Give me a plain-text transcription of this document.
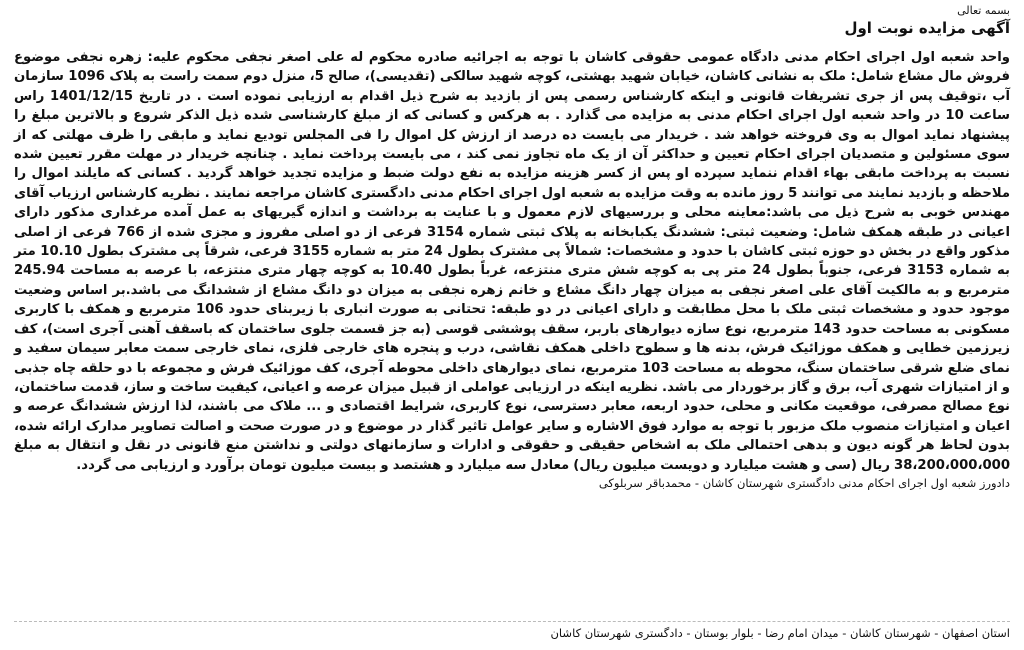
بسمه تعالی
آگهی مزایده نوبت اول

واحد شعبه اول اجرای احکام مدنی دادگاه عمومی حقوقی کاشان با توجه به اجرائیه صادره محکوم له علی اصغر نجفی محکوم علیه: زهره نجفی موضوع فروش مال مشاع شامل: ملک به نشانی کاشان، خیابان شهید بهشتی، کوچه شهید سالکی (تقدیسی)، صالح 5، منزل دوم سمت راست به پلاک 1096 سازمان آب ،توقیف پس از جری تشریفات قانونی و اینکه کارشناس رسمی پس از بازدید به شرح ذیل اقدام به ارزیابی نموده است . در تاریخ 1401/12/15 راس ساعت 10 در واحد شعبه اول اجرای احکام مدنی به مزایده می گذارد . به هرکس و کسانی که از مبلغ کارشناسی شده ذیل الذکر شروع و بالاترین مبلغ را پیشنهاد نماید اموال به وی فروخته خواهد شد . خریدار می بایست ده درصد از ارزش کل اموال را فی المجلس تودیع نماید و مابقی را ظرف مهلتی که از سوی مسئولین و متصدیان اجرای احکام تعیین و حداکثر آن از یک ماه تجاوز نمی کند ، می بایست پرداخت نماید . چنانچه خریدار در مهلت مقرر تعیین شده نسبت به پرداخت مابقی بهاء اقدام ننماید سپرده او پس از کسر هزینه مزایده به نفع دولت ضبط و مزایده تجدید خواهد گردید . کسانی که مایلند اموال را ملاحظه و بازدید نمایند می توانند 5 روز مانده به وقت مزایده به شعبه اول اجرای احکام مدنی دادگستری کاشان مراجعه نمایند . نظریه کارشناس ارزیاب آقای مهندس خوبی به شرح ذیل می باشد:معاینه محلی و بررسیهای لازم معمول و با عنایت به برداشت و اندازه گیریهای به عمل آمده مرغداری مذکور دارای اعیانی در طبقه همکف شامل: وضعیت ثبتی: ششدنگ یکبابخانه به پلاک ثبتی شماره 3154 فرعی از دو اصلی مفروز و مجزی شده از 766 فرعی از اصلی مذکور واقع در بخش دو حوزه ثبتی کاشان با حدود و مشخصات: شمالاً پی مشترک بطول 24 متر به شماره 3155 فرعی، شرقاً پی مشترک بطول 10.10 متر به شماره 3153 فرعی، جنوباً بطول 24 متر پی به کوچه شش متری منتزعه، غرباً بطول 10.40 به کوچه چهار متری منتزعه، با عرصه به مساحت 245.94 مترمربع و به مالکیت آقای علی اصغر نجفی به میزان چهار دانگ مشاع و خانم زهره نجفی به میزان دو دانگ مشاع از ششدانگ می باشد.بر اساس وضعیت موجود حدود و مشخصات ثبتی ملک با محل مطابقت و دارای اعیانی در دو طبقه: تحتانی به صورت انباری با زیربنای حدود 106 مترمربع و همکف با کاربری مسکونی به مساحت حدود 143 مترمربع، نوع سازه دیوارهای باربر، سقف پوششی قوسی (به جز قسمت جلوی ساختمان که باسقف آهنی آجری است)، کف زیرزمین خطایی و همکف موزائیک فرش، بدنه ها و سطوح داخلی همکف نقاشی، درب و پنجره های خارجی فلزی، نمای خارجی سمت معابر سیمان سفید و نمای ضلع شرقی ساختمان سنگ، محوطه به مساحت 103 مترمربع، نمای دیوارهای داخلی محوطه آجری، کف موزائیک فرش و مجموعه با دو حلقه چاه جذبی و از امتیازات شهری آب، برق و گاز برخوردار می باشد. نظریه اینکه در ارزیابی عواملی از قبیل میزان عرصه و اعیانی، کیفیت ساخت و ساز، قدمت ساختمان، نوع مصالح مصرفی، موقعیت مکانی و محلی، حدود اربعه، معابر دسترسی، نوع کاربری، شرایط اقتصادی و ... ملاک می باشند، لذا ارزش ششدانگ عرصه و اعیان و امتیازات منصوب ملک مزبور با توجه به موارد فوق الاشاره و سایر عوامل تاثیر گذار در موضوع و در صورت صحت و اصالت تصاویر مدارک ارائه شده، بدون لحاظ هر گونه دیون و بدهی احتمالی ملک به اشخاص حقیقی و حقوقی و ادارات و سازمانهای دولتی و نداشتن منع قانونی در نقل و انتقال به مبلغ 38،200،000،000 ریال (سی و هشت میلیارد و دویست میلیون ریال) معادل سه میلیارد و هشتصد و بیست میلیون تومان برآورد و ارزیابی می گردد.

دادورز شعبه اول اجرای احکام مدنی دادگستری شهرستان کاشان - محمدباقر سربلوکی
استان اصفهان - شهرستان کاشان - میدان امام رضا - بلوار بوستان - دادگستری شهرستان کاشان
